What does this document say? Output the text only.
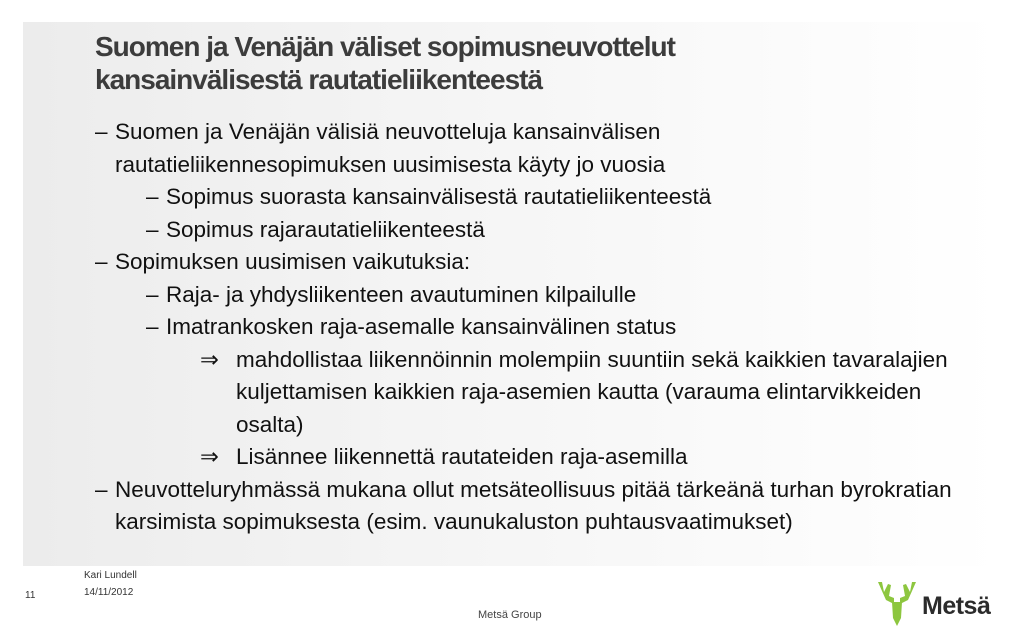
Suomen ja Venäjän väliset sopimusneuvottelut
kansainvälisestä rautatieliikenteestä
– Suomen ja Venäjän välisiä neuvotteluja kansainvälisen rautatieliikennesopimuksen uusimisesta käyty jo vuosia
– Sopimus suorasta kansainvälisestä rautatieliikenteestä
– Sopimus rajarautatieliikenteestä
– Sopimuksen uusimisen vaikutuksia:
– Raja- ja yhdysliikenteen avautuminen kilpailulle
– Imatrankosken raja-asemalle kansainvälinen status
⇒ mahdollistaa liikennöinnin molempiin suuntiin sekä kaikkien tavaralajien kuljettamisen kaikkien raja-asemien kautta (varauma elintarvikkeiden osalta)
⇒ Lisännee liikennettä rautateiden raja-asemilla
– Neuvotteluryhmässä mukana ollut metsäteollisuus pitää tärkeänä turhan byrokratian karsimista sopimuksesta (esim. vaunukaluston puhtausvaatimukset)
Kari Lundell
14/11/2012
11
Metsä Group	Metsä
